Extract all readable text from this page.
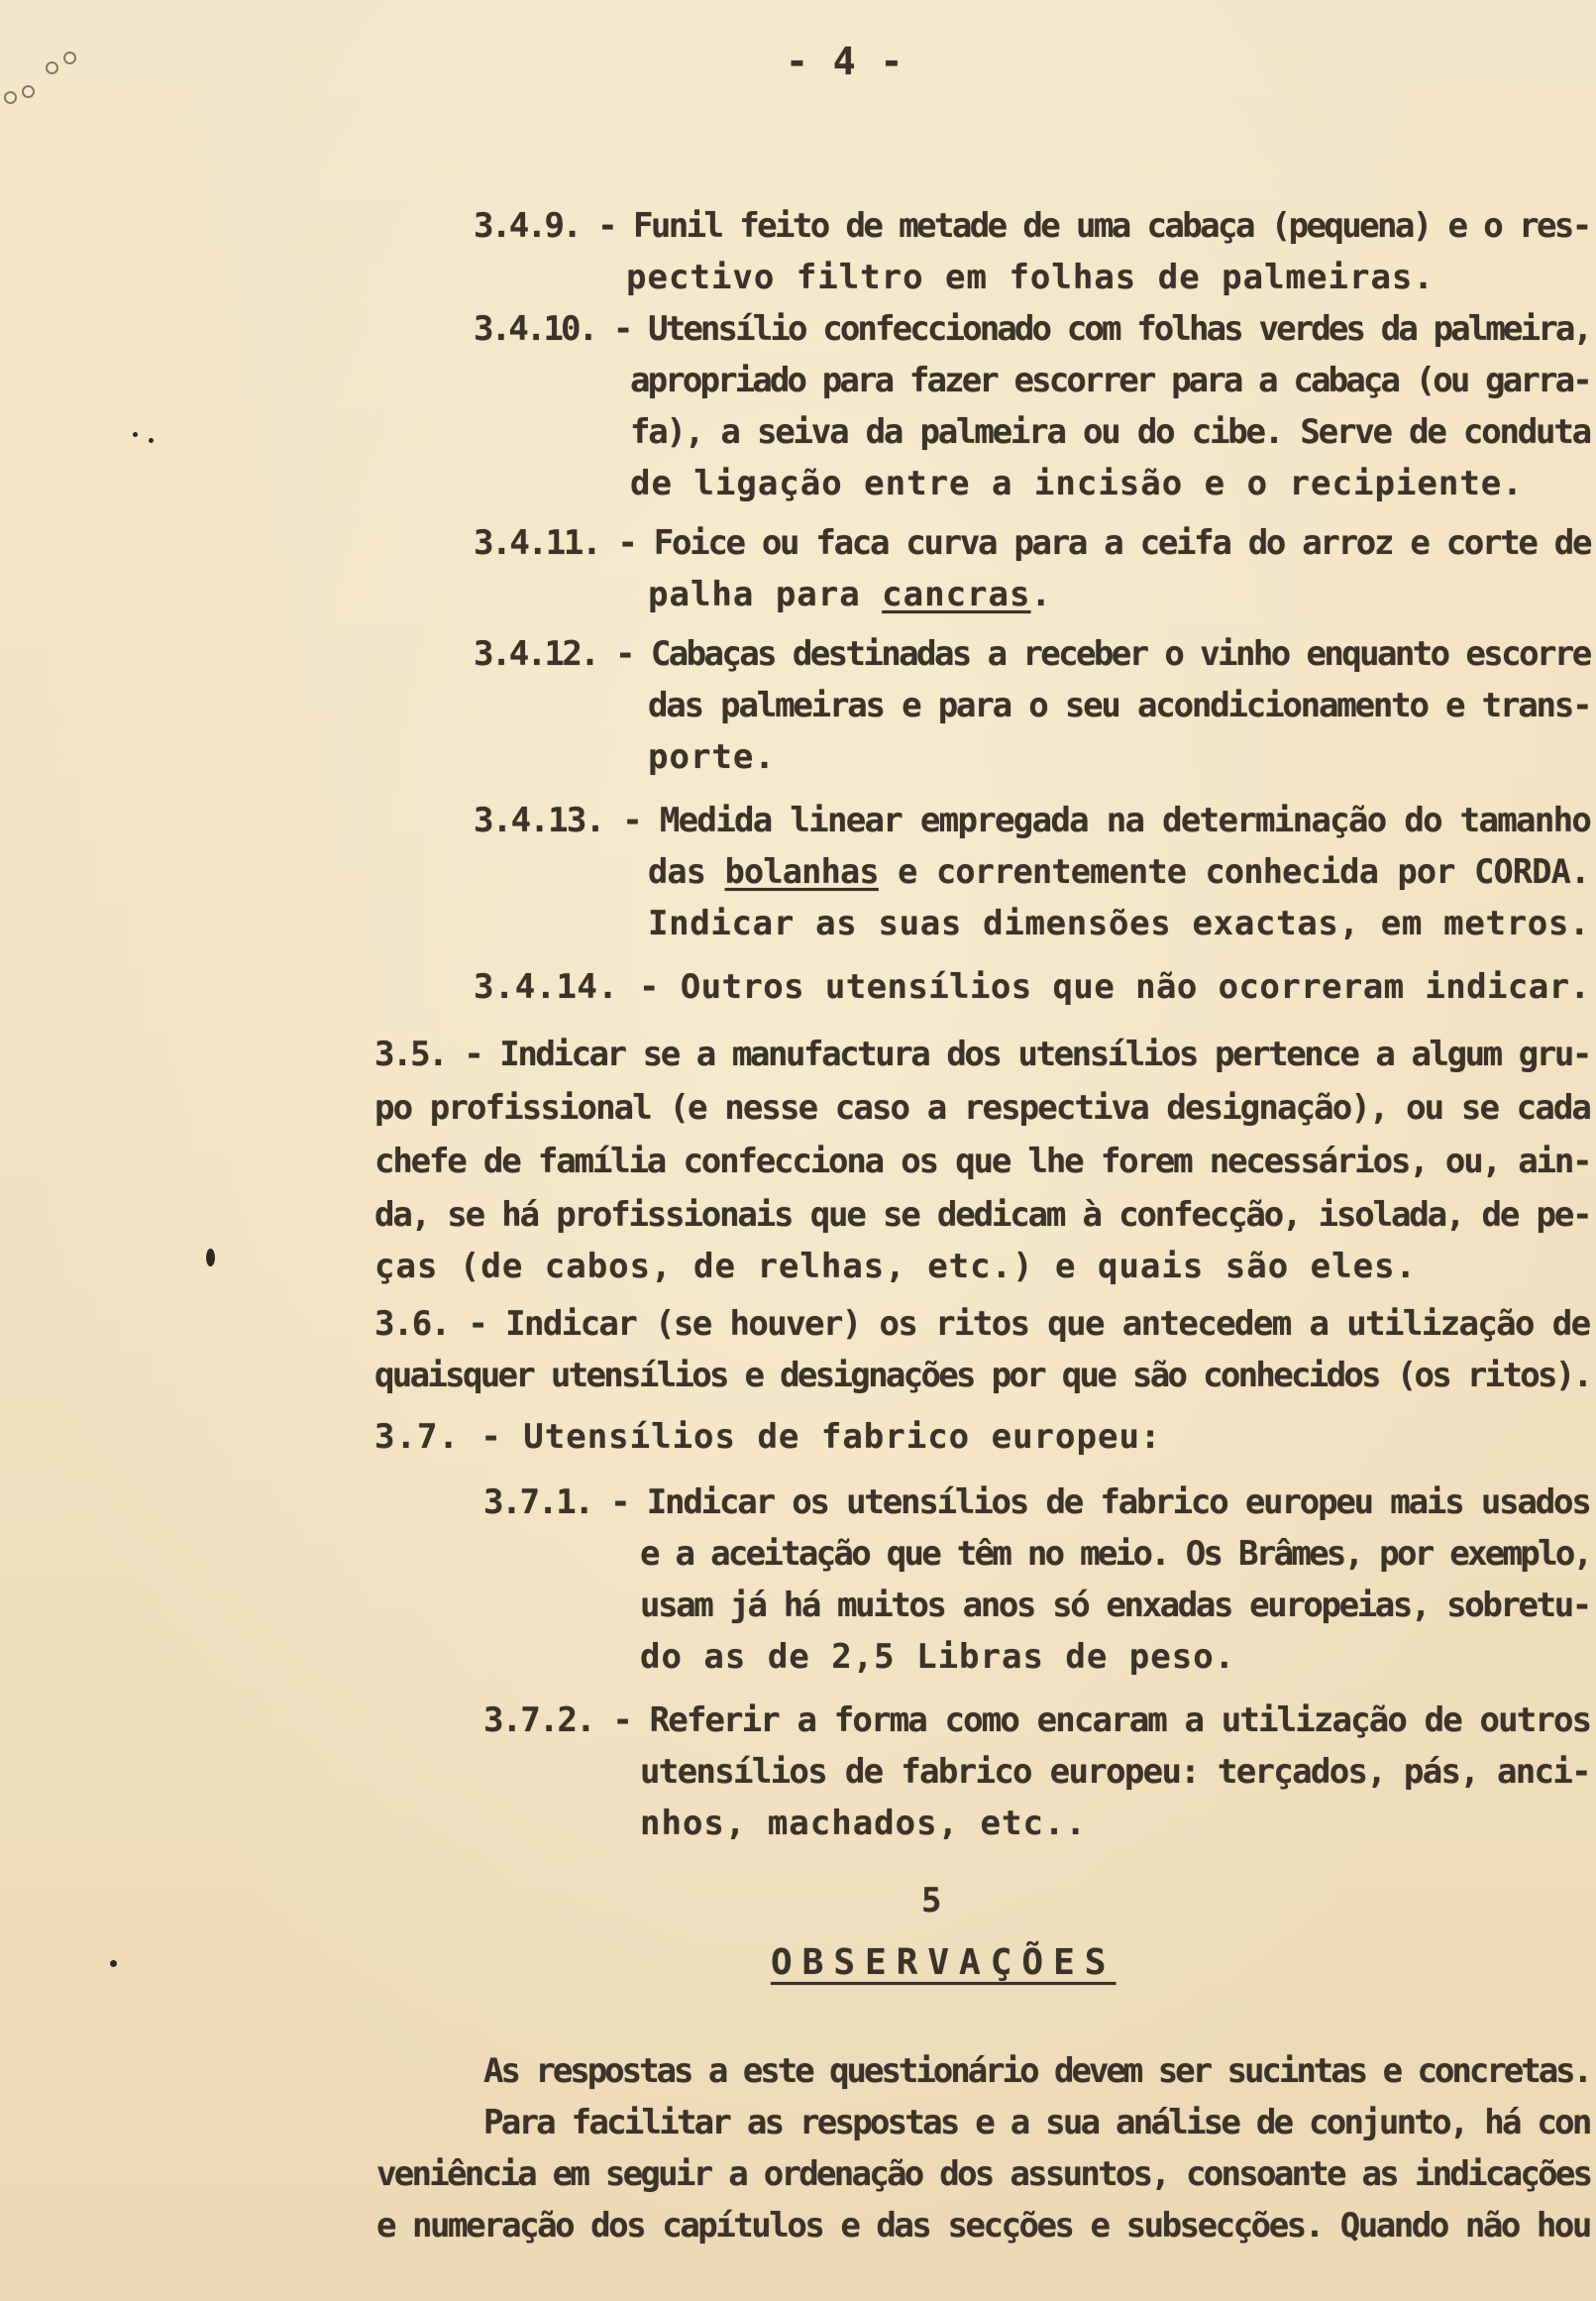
- 4 -
3.4.9. - Funil feito de metade de uma cabaça (pequena) e o res-
pectivo filtro em folhas de palmeiras.
3.4.10. - Utensílio confeccionado com folhas verdes da palmeira,
apropriado para fazer escorrer para a cabaça (ou garra-
fa), a seiva da palmeira ou do cibe. Serve de conduta
de ligação entre a incisão e o recipiente.
3.4.11. - Foice ou faca curva para a ceifa do arroz e corte de
palha para cancras.
3.4.12. - Cabaças destinadas a receber o vinho enquanto escorre
das palmeiras e para o seu acondicionamento e trans-
porte.
3.4.13. - Medida linear empregada na determinação do tamanho
das bolanhas e correntemente conhecida por CORDA.
Indicar as suas dimensões exactas, em metros.
3.4.14. - Outros utensílios que não ocorreram indicar.
3.5. - Indicar se a manufactura dos utensílios pertence a algum gru-
po profissional (e nesse caso a respectiva designação), ou se cada
chefe de família confecciona os que lhe forem necessários, ou, ain-
da, se há profissionais que se dedicam à confecção, isolada, de pe-
ças (de cabos, de relhas, etc.) e quais são eles.
3.6. - Indicar (se houver) os ritos que antecedem a utilização de
quaisquer utensílios e designações por que são conhecidos (os ritos).
3.7. - Utensílios de fabrico europeu:
3.7.1. - Indicar os utensílios de fabrico europeu mais usados
e a aceitação que têm no meio. Os Brâmes, por exemplo,
usam já há muitos anos só enxadas europeias, sobretu-
do as de 2,5 Libras de peso.
3.7.2. - Referir a forma como encaram a utilização de outros
utensílios de fabrico europeu: terçados, pás, anci-
nhos, machados, etc..
5
OBSERVAÇÕES
As respostas a este questionário devem ser sucintas e concretas.
Para facilitar as respostas e a sua análise de conjunto, há con
veniência em seguir a ordenação dos assuntos, consoante as indicações
e numeração dos capítulos e das secções e subsecções. Quando não hou
